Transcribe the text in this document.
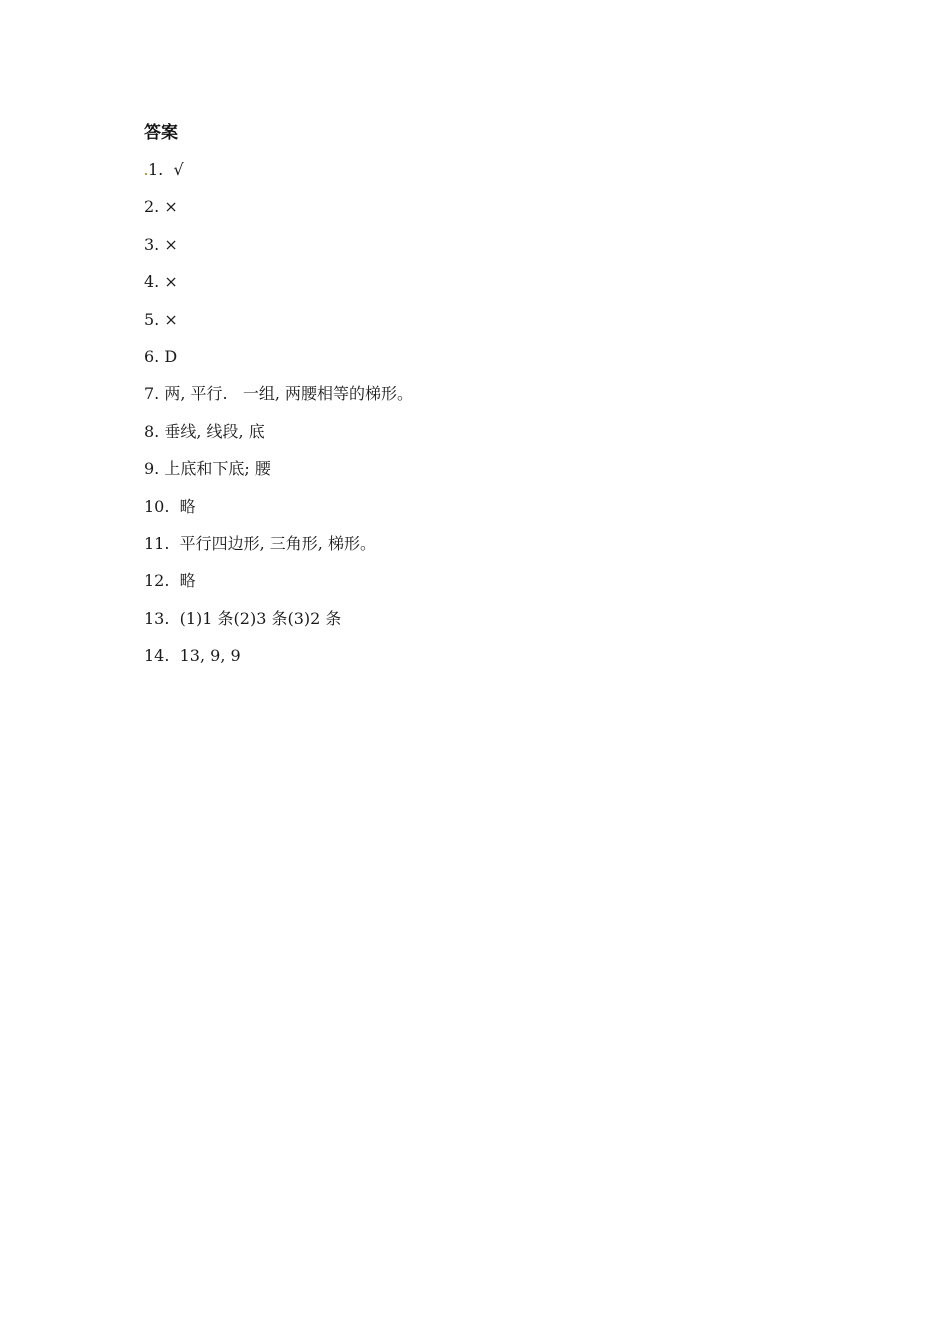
答案
1. √
2. ×
3. ×
4. ×
5. ×
6. D
7. 两, 平行.   一组, 两腰相等的梯形。
8. 垂线, 线段, 底
9. 上底和下底; 腰
10. 略
11. 平行四边形, 三角形, 梯形。
12. 略
13. (1)1 条(2)3 条(3)2 条
14. 13, 9, 9
